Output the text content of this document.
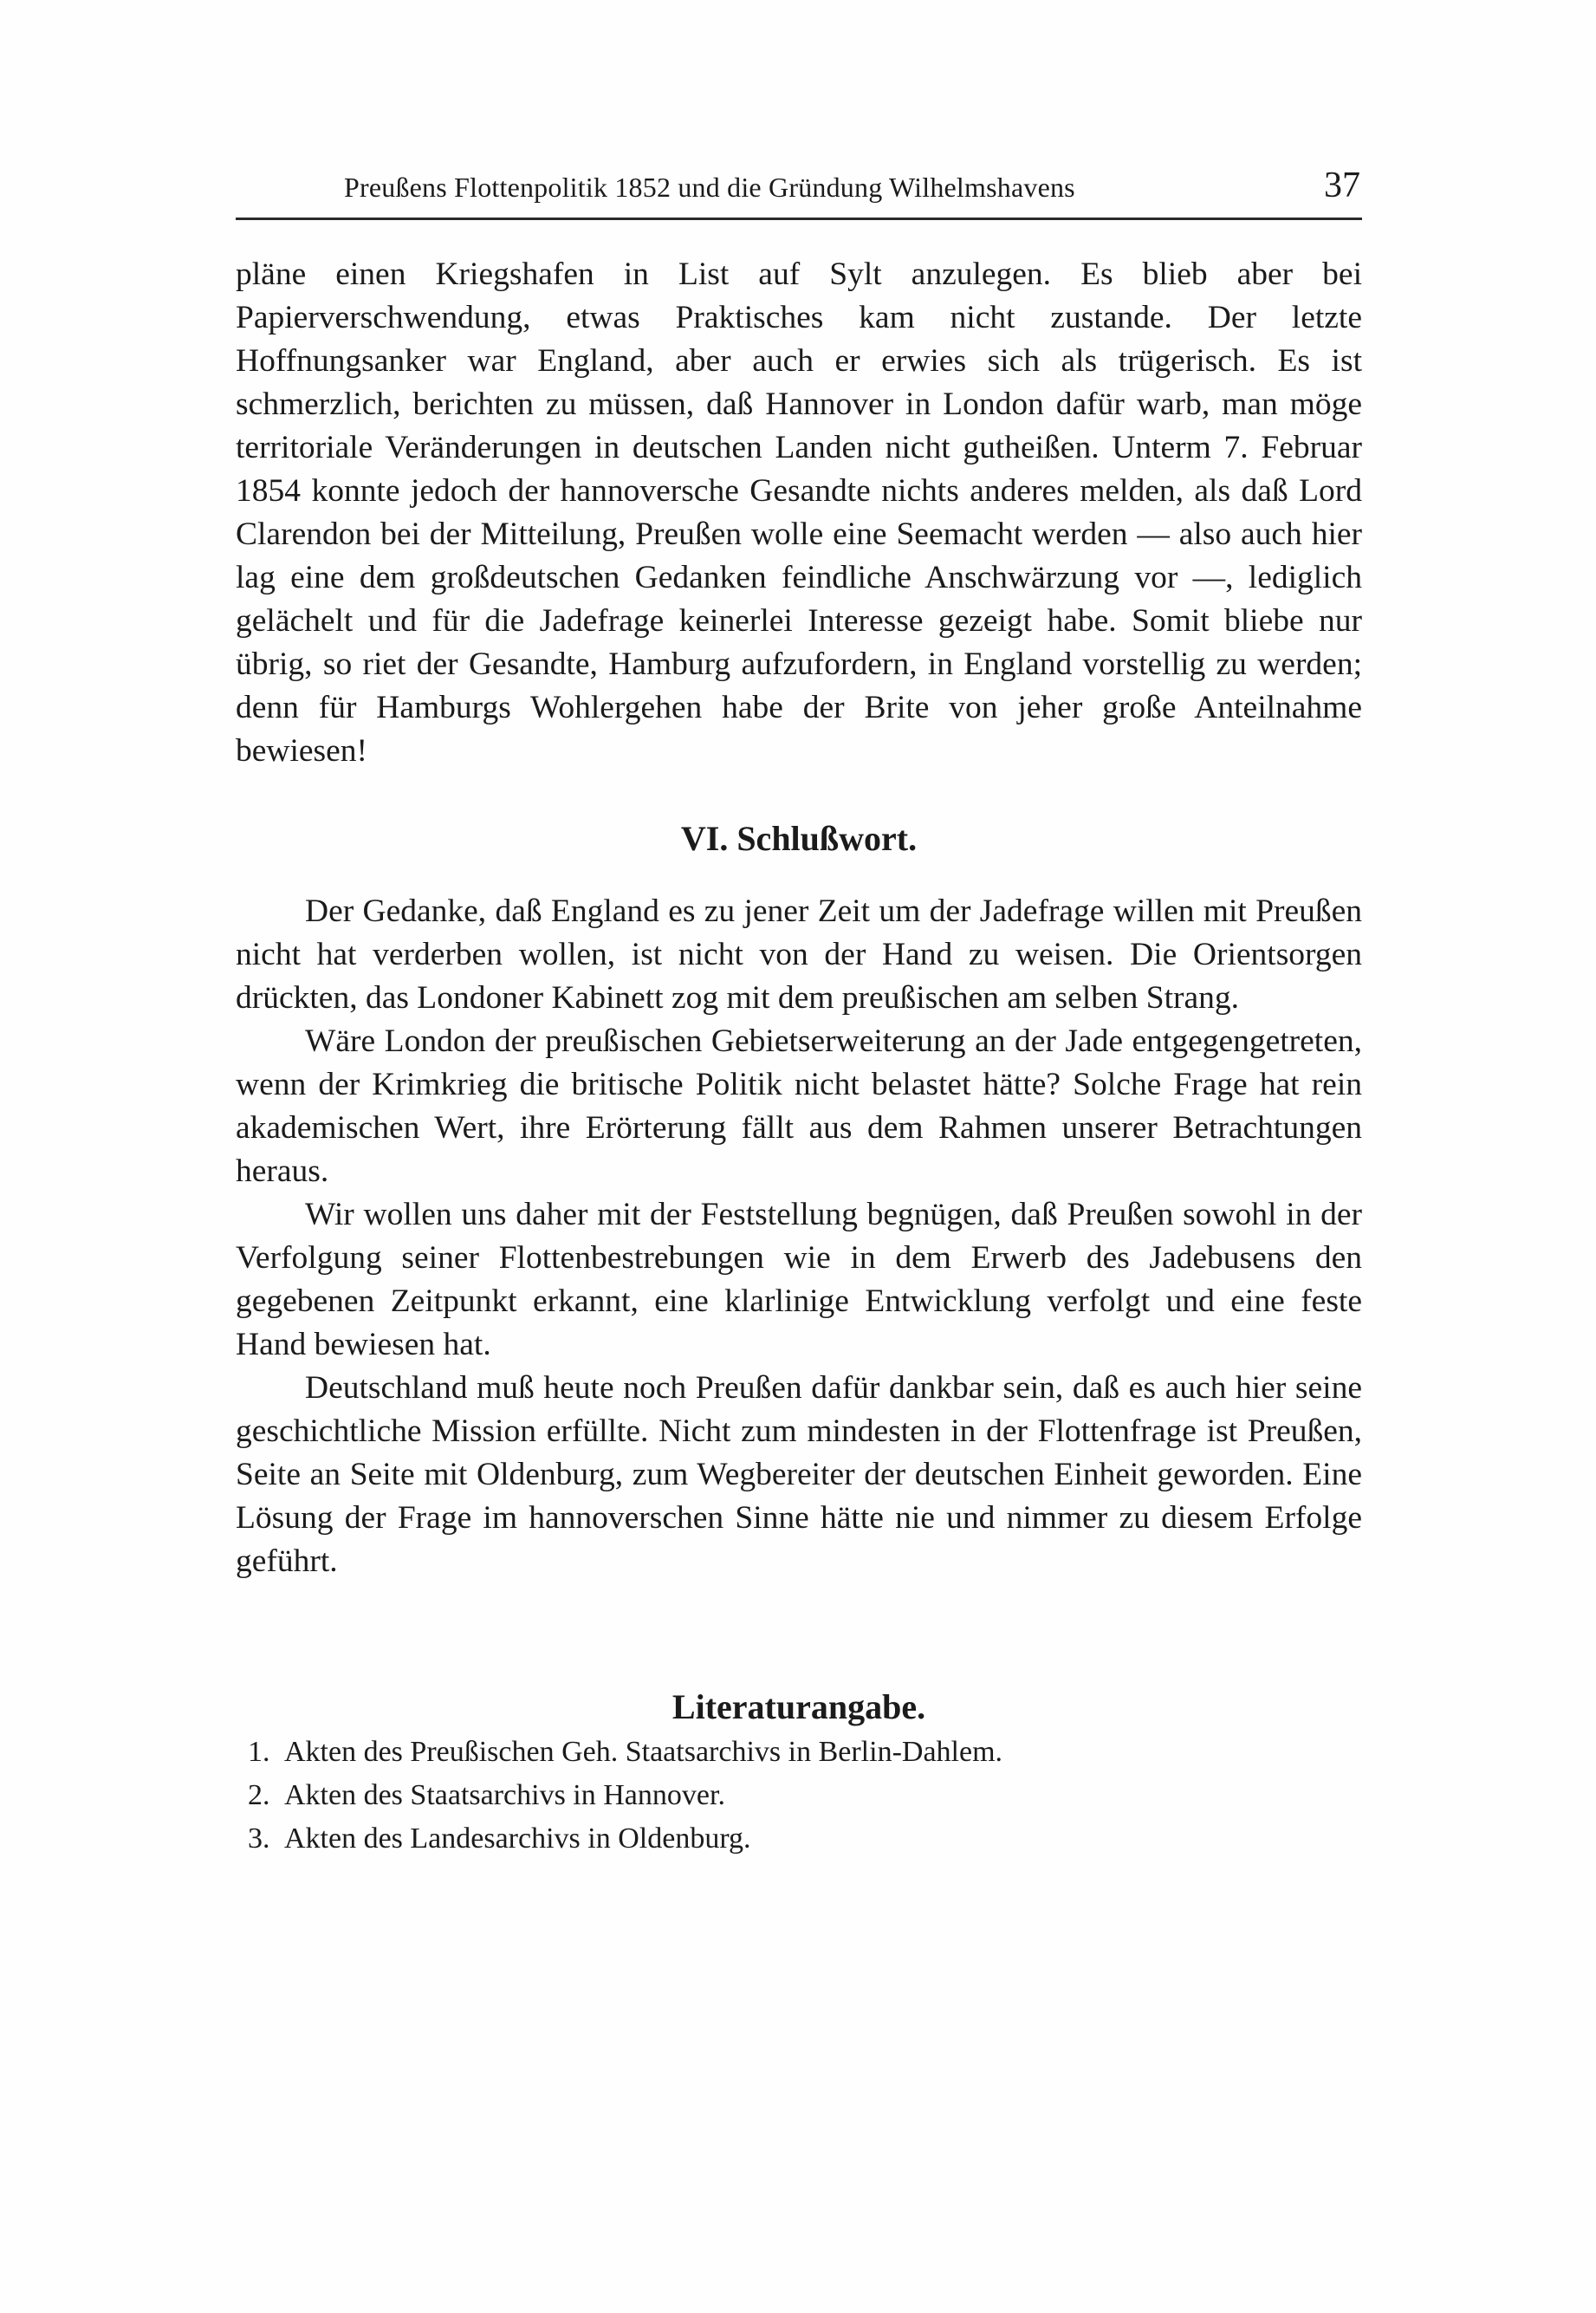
Preußens Flottenpolitik 1852 und die Gründung Wilhelmshavens	37

pläne einen Kriegshafen in List auf Sylt anzulegen. Es blieb aber bei Papierverschwendung, etwas Praktisches kam nicht zustande. Der letzte Hoffnungsanker war England, aber auch er erwies sich als trügerisch. Es ist schmerzlich, berichten zu müssen, daß Hannover in London dafür warb, man möge territoriale Veränderungen in deutschen Landen nicht gutheißen. Unterm 7. Februar 1854 konnte jedoch der hannoversche Gesandte nichts anderes melden, als daß Lord Clarendon bei der Mitteilung, Preußen wolle eine Seemacht werden — also auch hier lag eine dem großdeutschen Gedanken feindliche Anschwärzung vor —, lediglich gelächelt und für die Jadefrage keinerlei Interesse gezeigt habe. Somit bliebe nur übrig, so riet der Gesandte, Hamburg aufzufordern, in England vorstellig zu werden; denn für Hamburgs Wohlergehen habe der Brite von jeher große Anteilnahme bewiesen!

VI. Schlußwort.

Der Gedanke, daß England es zu jener Zeit um der Jadefrage willen mit Preußen nicht hat verderben wollen, ist nicht von der Hand zu weisen. Die Orientsorgen drückten, das Londoner Kabinett zog mit dem preußischen am selben Strang.

Wäre London der preußischen Gebietserweiterung an der Jade entgegengetreten, wenn der Krimkrieg die britische Politik nicht belastet hätte? Solche Frage hat rein akademischen Wert, ihre Erörterung fällt aus dem Rahmen unserer Betrachtungen heraus.

Wir wollen uns daher mit der Feststellung begnügen, daß Preußen sowohl in der Verfolgung seiner Flottenbestrebungen wie in dem Erwerb des Jadebusens den gegebenen Zeitpunkt erkannt, eine klarlinige Entwicklung verfolgt und eine feste Hand bewiesen hat.

Deutschland muß heute noch Preußen dafür dankbar sein, daß es auch hier seine geschichtliche Mission erfüllte. Nicht zum mindesten in der Flottenfrage ist Preußen, Seite an Seite mit Oldenburg, zum Wegbereiter der deutschen Einheit geworden. Eine Lösung der Frage im hannoverschen Sinne hätte nie und nimmer zu diesem Erfolge geführt.

Literaturangabe.
1. Akten des Preußischen Geh. Staatsarchivs in Berlin-Dahlem.
2. Akten des Staatsarchivs in Hannover.
3. Akten des Landesarchivs in Oldenburg.
